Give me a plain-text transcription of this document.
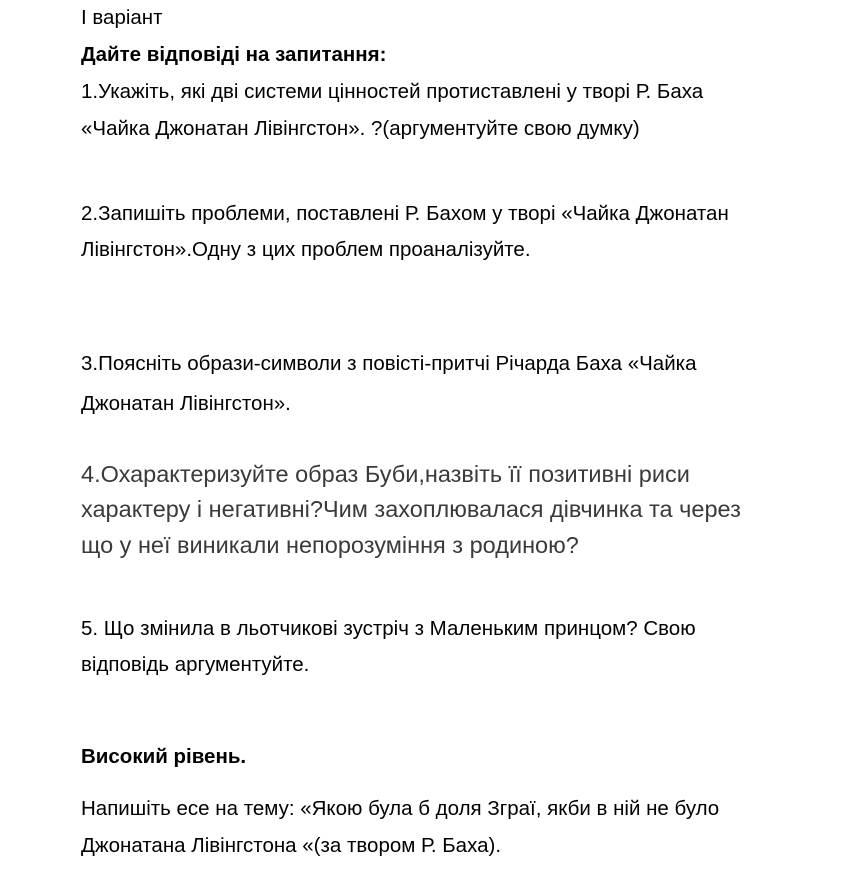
І варіант
Дайте відповіді на запитання:
1.Укажіть, які дві системи цінностей протиставлені у творі Р. Баха
«Чайка Джонатан Лівінгстон». ?(аргументуйте свою думку)
2.Запишіть проблеми, поставлені Р. Бахом у творі «Чайка Джонатан
Лівінгстон».Одну з цих проблем проаналізуйте.
3.Поясніть образи-символи з повісті-притчі Річарда Баха «Чайка
Джонатан Лівінгстон».
4.Охарактеризуйте образ Буби,назвіть її позитивні риси
характеру і негативні?Чим захоплювалася дівчинка та через
що у неї виникали непорозуміння з родиною?
5. Що змінила в льотчикові зустріч з Маленьким принцом? Свою
відповідь аргументуйте.
Високий рівень.
Напишіть есе на тему: «Якою була б доля Зграї, якби в ній не було
Джонатана Лівінгстона «(за твором Р. Баха).
